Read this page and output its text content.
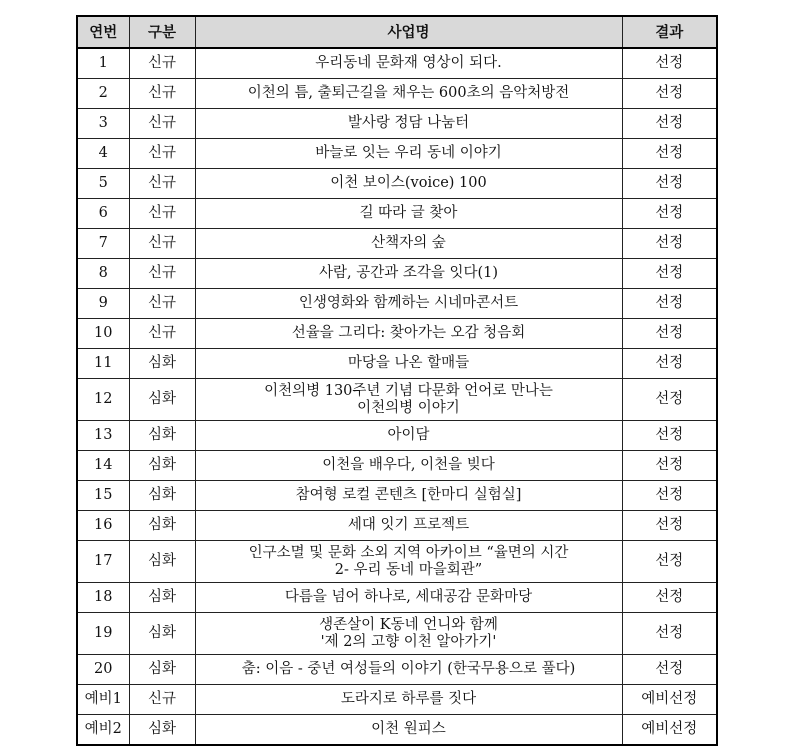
연번	구분	사업명	결과
1	신규	우리동네 문화재 영상이 되다.	선정
2	신규	이천의 틈, 출퇴근길을 채우는 600초의 음악처방전	선정
3	신규	발사랑 정담 나눔터	선정
4	신규	바늘로 잇는 우리 동네 이야기	선정
5	신규	이천 보이스(voice) 100	선정
6	신규	길 따라 글 찾아	선정
7	신규	산책자의 숲	선정
8	신규	사람, 공간과 조각을 잇다(1)	선정
9	신규	인생영화와 함께하는 시네마콘서트	선정
10	신규	선율을 그리다: 찾아가는 오감 청음회	선정
11	심화	마당을 나온 할매들	선정
12	심화	이천의병 130주년 기념 다문화 언어로 만나는
이천의병 이야기	선정
13	심화	아이담	선정
14	심화	이천을 배우다, 이천을 빚다	선정
15	심화	참여형 로컬 콘텐츠 [한마디 실험실]	선정
16	심화	세대 잇기 프로젝트	선정
17	심화	인구소멸 및 문화 소외 지역 아카이브 “율면의 시간
2- 우리 동네 마을회관”	선정
18	심화	다름을 넘어 하나로, 세대공감 문화마당	선정
19	심화	생존살이 K동네 언니와 함께
'제 2의 고향 이천 알아가기'	선정
20	심화	춤: 이음 - 중년 여성들의 이야기 (한국무용으로 풀다)	선정
예비1	신규	도라지로 하루를 짓다	예비선정
예비2	심화	이천 원피스	예비선정
